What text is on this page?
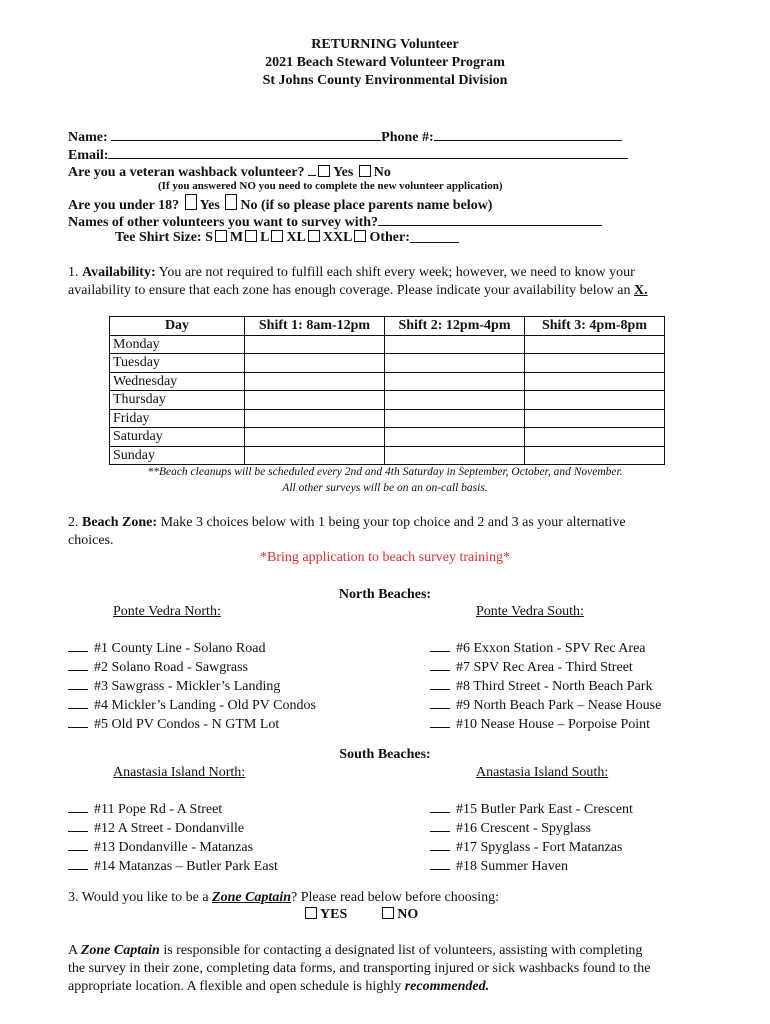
RETURNING Volunteer
2021 Beach Steward Volunteer Program
St Johns County Environmental Division
Name:	Phone #:
Email:
Are you a veteran washback volunteer? Yes No
(If you answered NO you need to complete the new volunteer application)
Are you under 18? Yes No (if so please place parents name below)
Names of other volunteers you want to survey with?
Tee Shirt Size: S M L XL XXL Other:_______
1. Availability: You are not required to fulfill each shift every week; however, we need to know your
availability to ensure that each zone has enough coverage. Please indicate your availability below an X.
Day	Shift 1: 8am-12pm	Shift 2: 12pm-4pm	Shift 3: 4pm-8pm
Monday			
Tuesday			
Wednesday			
Thursday			
Friday			
Saturday			
Sunday			
**Beach cleanups will be scheduled every 2nd and 4th Saturday in September, October, and November.
All other surveys will be on an on-call basis.
2. Beach Zone: Make 3 choices below with 1 being your top choice and 2 and 3 as your alternative
choices.
*Bring application to beach survey training*
North Beaches:
Ponte Vedra North:	Ponte Vedra South:
#1 County Line - Solano Road
#2 Solano Road - Sawgrass
#3 Sawgrass - Mickler’s Landing
#4 Mickler’s Landing - Old PV Condos
#5 Old PV Condos - N GTM Lot
#6 Exxon Station - SPV Rec Area
#7 SPV Rec Area - Third Street
#8 Third Street - North Beach Park
#9 North Beach Park – Nease House
#10 Nease House – Porpoise Point
South Beaches:
Anastasia Island North:	Anastasia Island South:
#11 Pope Rd - A Street
#12 A Street - Dondanville
#13 Dondanville - Matanzas
#14 Matanzas – Butler Park East
#15 Butler Park East - Crescent
#16 Crescent - Spyglass
#17 Spyglass - Fort Matanzas
#18 Summer Haven
3. Would you like to be a Zone Captain? Please read below before choosing:
YES	NO
A Zone Captain is responsible for contacting a designated list of volunteers, assisting with completing
the survey in their zone, completing data forms, and transporting injured or sick washbacks found to the
appropriate location. A flexible and open schedule is highly recommended.
